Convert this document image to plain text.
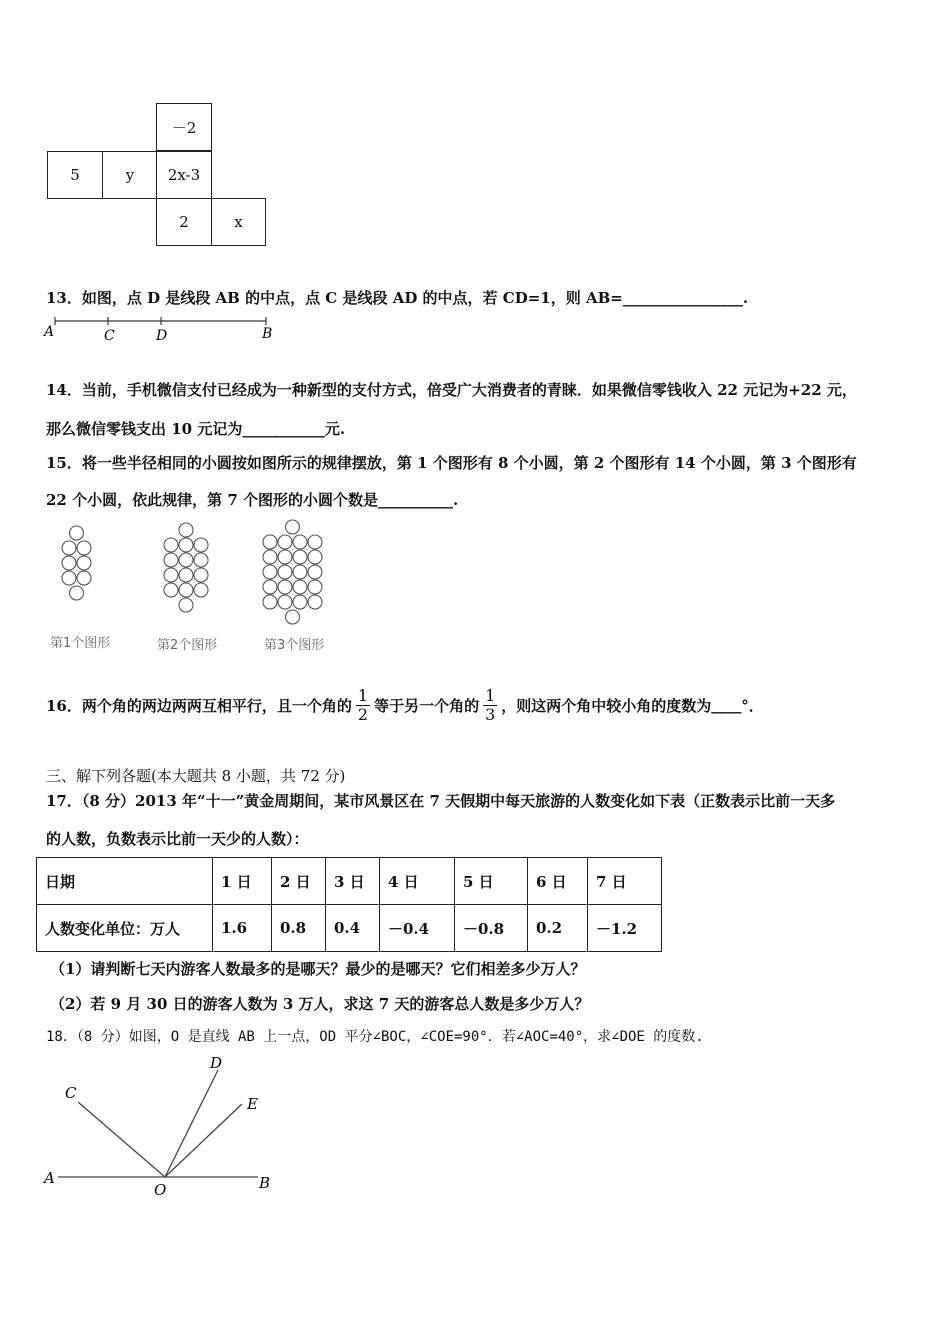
－2
5	y	2x-3
2	x
13．如图，点 D 是线段 AB 的中点，点 C 是线段 AD 的中点，若 CD=1，则 AB=________________.
A	C	D	B
14．当前，手机微信支付已经成为一种新型的支付方式，倍受广大消费者的青睐．如果微信零钱收入 22 元记为+22 元，
那么微信零钱支出 10 元记为___________元.
15．将一些半径相同的小圆按如图所示的规律摆放，第 1 个图形有 8 个小圆，第 2 个图形有 14 个小圆，第 3 个图形有
22 个小圆，依此规律，第 7 个图形的小圆个数是__________.
第1个图形	第2个图形	第3个图形
16．两个角的两边两两互相平行，且一个角的 $\frac{1}{2}$ 等于另一个角的 $\frac{1}{3}$ ，则这两个角中较小角的度数为 ____ °．
三、解下列各题(本大题共 8 小题，共 72 分)
17．（8 分）2013 年“十一”黄金周期间，某市风景区在 7 天假期中每天旅游的人数变化如下表（正数表示比前一天多
的人数，负数表示比前一天少的人数）：
日期	1 日	2 日	3 日	4 日	5 日	6 日	7 日
人数变化单位：万人	1.6	0.8	0.4	－0.4	－0.8	0.2	－1.2
（1）请判断七天内游客人数最多的是哪天？最少的是哪天？它们相差多少万人？
（2）若 9 月 30 日的游客人数为 3 万人，求这 7 天的游客总人数是多少万人？
18．（8 分）如图，O 是直线 AB 上一点，OD 平分∠BOC，∠COE=90°．若∠AOC=40°，求∠DOE 的度数.
C
D
E
A
O	B
